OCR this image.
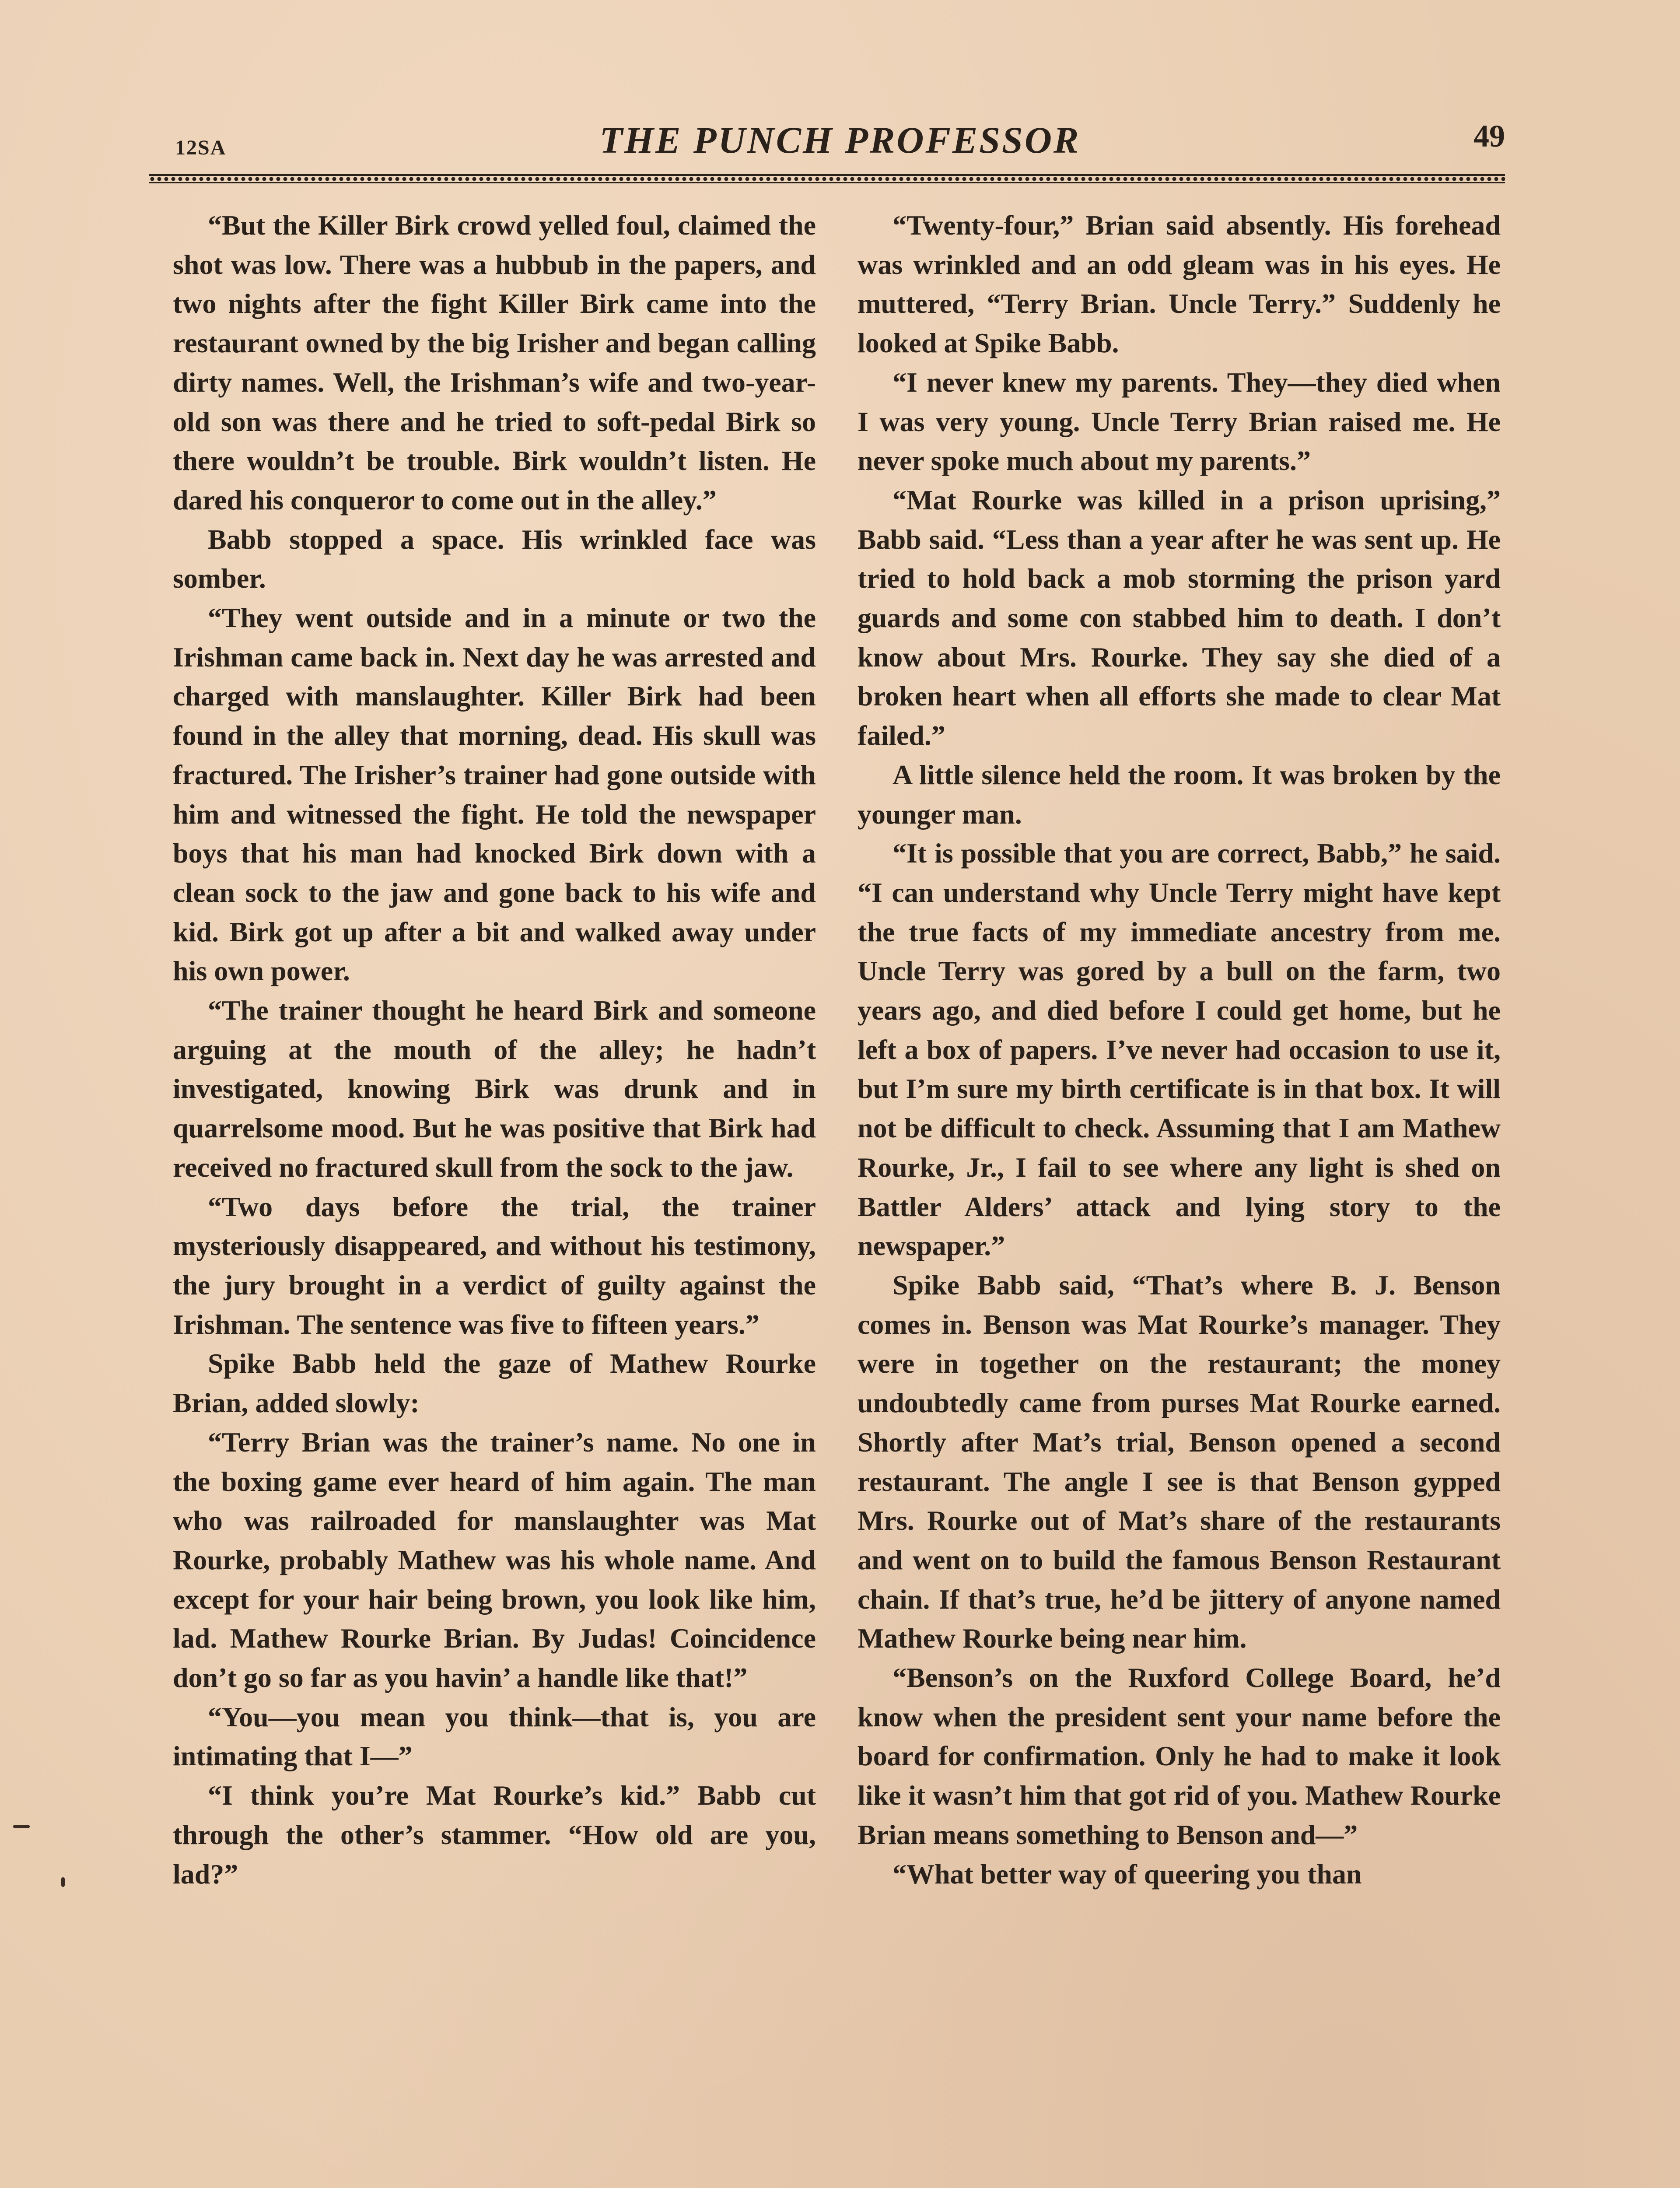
12SA	THE PUNCH PROFESSOR	49

“But the Killer Birk crowd yelled foul, claimed the shot was low. There was a hubbub in the papers, and two nights after the fight Killer Birk came into the restaurant owned by the big Irisher and began calling dirty names. Well, the Irishman’s wife and two-year-old son was there and he tried to soft-pedal Birk so there wouldn’t be trouble. Birk wouldn’t listen. He dared his conqueror to come out in the alley.”

Babb stopped a space. His wrinkled face was somber.

“They went outside and in a minute or two the Irishman came back in. Next day he was arrested and charged with manslaughter. Killer Birk had been found in the alley that morning, dead. His skull was fractured. The Irisher’s trainer had gone outside with him and witnessed the fight. He told the newspaper boys that his man had knocked Birk down with a clean sock to the jaw and gone back to his wife and kid. Birk got up after a bit and walked away under his own power.

“The trainer thought he heard Birk and someone arguing at the mouth of the alley; he hadn’t investigated, knowing Birk was drunk and in quarrelsome mood. But he was positive that Birk had received no fractured skull from the sock to the jaw.

“Two days before the trial, the trainer mysteriously disappeared, and without his testimony, the jury brought in a verdict of guilty against the Irishman. The sentence was five to fifteen years.”

Spike Babb held the gaze of Mathew Rourke Brian, added slowly:

“Terry Brian was the trainer’s name. No one in the boxing game ever heard of him again. The man who was railroaded for manslaughter was Mat Rourke, probably Mathew was his whole name. And except for your hair being brown, you look like him, lad. Mathew Rourke Brian. By Judas! Coincidence don’t go so far as you havin’ a handle like that!”

“You—you mean you think—that is, you are intimating that I—”

“I think you’re Mat Rourke’s kid.” Babb cut through the other’s stammer. “How old are you, lad?”

“Twenty-four,” Brian said absently. His forehead was wrinkled and an odd gleam was in his eyes. He muttered, “Terry Brian. Uncle Terry.” Suddenly he looked at Spike Babb.

“I never knew my parents. They—they died when I was very young. Uncle Terry Brian raised me. He never spoke much about my parents.”

“Mat Rourke was killed in a prison uprising,” Babb said. “Less than a year after he was sent up. He tried to hold back a mob storming the prison yard guards and some con stabbed him to death. I don’t know about Mrs. Rourke. They say she died of a broken heart when all efforts she made to clear Mat failed.”

A little silence held the room. It was broken by the younger man.

“It is possible that you are correct, Babb,” he said. “I can understand why Uncle Terry might have kept the true facts of my immediate ancestry from me. Uncle Terry was gored by a bull on the farm, two years ago, and died before I could get home, but he left a box of papers. I’ve never had occasion to use it, but I’m sure my birth certificate is in that box. It will not be difficult to check. Assuming that I am Mathew Rourke, Jr., I fail to see where any light is shed on Battler Alders’ attack and lying story to the newspaper.”

Spike Babb said, “That’s where B. J. Benson comes in. Benson was Mat Rourke’s manager. They were in together on the restaurant; the money undoubtedly came from purses Mat Rourke earned. Shortly after Mat’s trial, Benson opened a second restaurant. The angle I see is that Benson gypped Mrs. Rourke out of Mat’s share of the restaurants and went on to build the famous Benson Restaurant chain. If that’s true, he’d be jittery of anyone named Mathew Rourke being near him.

“Benson’s on the Ruxford College Board, he’d know when the president sent your name before the board for confirmation. Only he had to make it look like it wasn’t him that got rid of you. Mathew Rourke Brian means something to Benson and—”

“What better way of queering you than
